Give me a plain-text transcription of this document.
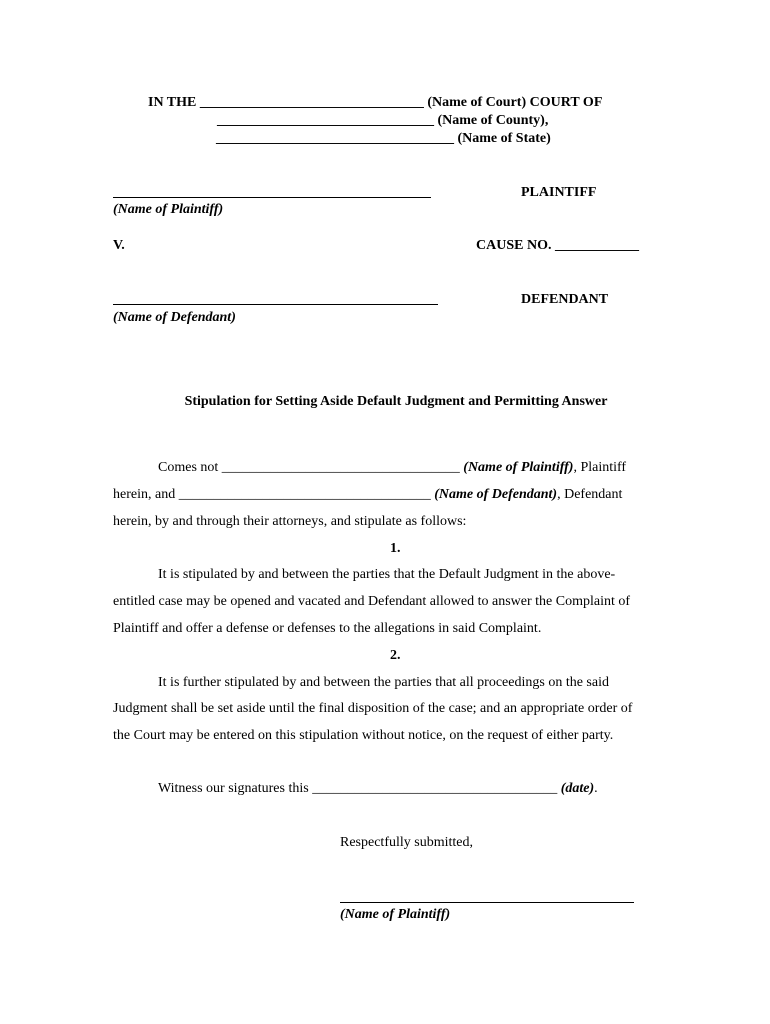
IN THE ________________________________ (Name of Court) COURT OF
_______________________________ (Name of County),
__________________________________ (Name of State)
PLAINTIFF
(Name of Plaintiff)
V.	CAUSE NO. ____________
DEFENDANT
(Name of Defendant)
Stipulation for Setting Aside Default Judgment and Permitting Answer
Comes not __________________________________ (Name of Plaintiff), Plaintiff
herein, and ____________________________________ (Name of Defendant), Defendant
herein, by and through their attorneys, and stipulate as follows:
1.
It is stipulated by and between the parties that the Default Judgment in the above-
entitled case may be opened and vacated and Defendant allowed to answer the Complaint of
Plaintiff and offer a defense or defenses to the allegations in said Complaint.
2.
It is further stipulated by and between the parties that all proceedings on the said
Judgment shall be set aside until the final disposition of the case; and an appropriate order of
the Court may be entered on this stipulation without notice, on the request of either party.
Witness our signatures this ___________________________________ (date).
Respectfully submitted,
(Name of Plaintiff)
